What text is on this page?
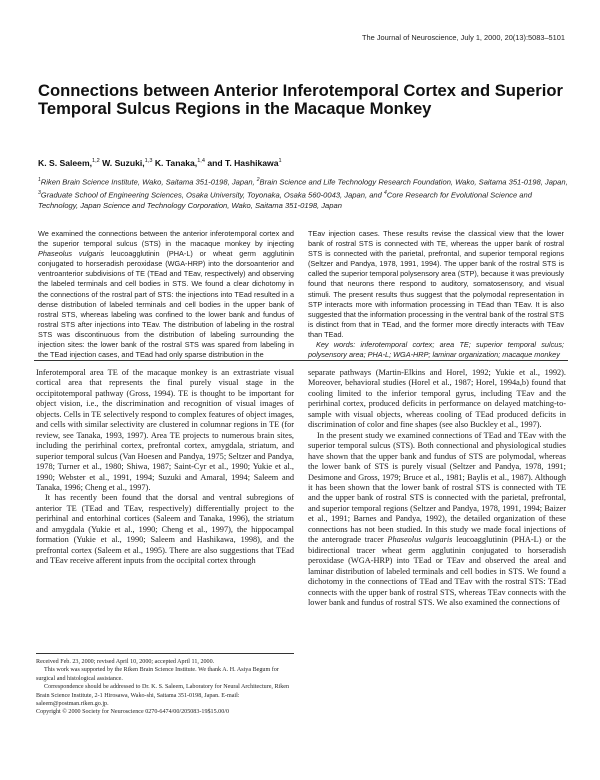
The Journal of Neuroscience, July 1, 2000, 20(13):5083–5101
Connections between Anterior Inferotemporal Cortex and Superior Temporal Sulcus Regions in the Macaque Monkey
K. S. Saleem,$^{1,2}$ W. Suzuki,$^{1,3}$ K. Tanaka,$^{1,4}$ and T. Hashikawa$^1$
$^1$Riken Brain Science Institute, Wako, Saitama 351-0198, Japan, $^2$Brain Science and Life Technology Research Foundation, Wako, Saitama 351-0198, Japan, $^3$Graduate School of Engineering Sciences, Osaka University, Toyonaka, Osaka 560-0043, Japan, and $^4$Core Research for Evolutional Science and Technology, Japan Science and Technology Corporation, Wako, Saitama 351-0198, Japan
We examined the connections between the anterior inferotemporal cortex and the superior temporal sulcus (STS) in the macaque monkey by injecting Phaseolus vulgaris leucoagglutinin (PHA-L) or wheat germ agglutinin conjugated to horseradish peroxidase (WGA-HRP) into the dorsoanterior and ventroanterior subdivisions of TE (TEad and TEav, respectively) and observing the labeled terminals and cell bodies in STS. We found a clear dichotomy in the connections of the rostral part of STS: the injections into TEad resulted in a dense distribution of labeled terminals and cell bodies in the upper bank of rostral STS, whereas labeling was confined to the lower bank and fundus of rostral STS after injections into TEav. The distribution of labeling in the rostral STS was discontinuous from the distribution of labeling surrounding the injection sites: the lower bank of the rostral STS was spared from labeling in the TEad injection cases, and TEad had only sparse distribution in the
TEav injection cases. These results revise the classical view that the lower bank of rostral STS is connected with TE, whereas the upper bank of rostral STS is connected with the parietal, prefrontal, and superior temporal regions (Seltzer and Pandya, 1978, 1991, 1994). The upper bank of the rostral STS is called the superior temporal polysensory area (STP), because it was previously found that neurons there respond to auditory, somatosensory, and visual stimuli. The present results thus suggest that the polymodal representation in STP interacts more with information processing in TEad than TEav. It is also suggested that the information processing in the ventral bank of the rostral STS is distinct from that in TEad, and the former more directly interacts with TEav than TEad.
Key words: inferotemporal cortex; area TE; superior temporal sulcus; polysensory area; PHA-L; WGA-HRP; laminar organization; macaque monkey

Inferotemporal area TE of the macaque monkey is an extrastriate visual cortical area that represents the final purely visual stage in the occipitotemporal pathway (Gross, 1994). TE is thought to be important for object vision, i.e., the discrimination and recognition of visual images of objects. Cells in TE selectively respond to complex features of object images, and cells with similar selectivity are clustered in columnar regions in TE (for review, see Tanaka, 1993, 1997). Area TE projects to numerous brain sites, including the perirhinal cortex, prefrontal cortex, amygdala, striatum, and superior temporal sulcus (Van Hoesen and Pandya, 1975; Seltzer and Pandya, 1978; Turner et al., 1980; Shiwa, 1987; Saint-Cyr et al., 1990; Yukie et al., 1990; Webster et al., 1991, 1994; Suzuki and Amaral, 1994; Saleem and Tanaka, 1996; Cheng et al., 1997).

It has recently been found that the dorsal and ventral subregions of anterior TE (TEad and TEav, respectively) differentially project to the perirhinal and entorhinal cortices (Saleem and Tanaka, 1996), the striatum and amygdala (Yukie et al., 1990; Cheng et al., 1997), the hippocampal formation (Yukie et al., 1990; Saleem and Hashikawa, 1998), and the prefrontal cortex (Saleem et al., 1995). There are also suggestions that TEad and TEav receive afferent inputs from the occipital cortex through

separate pathways (Martin-Elkins and Horel, 1992; Yukie et al., 1992). Moreover, behavioral studies (Horel et al., 1987; Horel, 1994a,b) found that cooling limited to the inferior temporal gyrus, including TEav and the perirhinal cortex, produced deficits in performance on delayed matching-to-sample with visual objects, whereas cooling of TEad produced deficits in discrimination of color and fine shapes (see also Buckley et al., 1997).

In the present study we examined connections of TEad and TEav with the superior temporal sulcus (STS). Both connectional and physiological studies have shown that the upper bank and fundus of STS are polymodal, whereas the lower bank of STS is purely visual (Seltzer and Pandya, 1978, 1991; Desimone and Gross, 1979; Bruce et al., 1981; Baylis et al., 1987). Although it has been shown that the lower bank of rostral STS is connected with TE and the upper bank of rostral STS is connected with the parietal, prefrontal, and superior temporal regions (Seltzer and Pandya, 1978, 1991, 1994; Baizer et al., 1991; Barnes and Pandya, 1992), the detailed organization of these connections has not been studied. In this study we made focal injections of the anterograde tracer Phaseolus vulgaris leucoagglutinin (PHA-L) or the bidirectional tracer wheat germ agglutinin conjugated to horseradish peroxidase (WGA-HRP) into TEad or TEav and observed the areal and laminar distribution of labeled terminals and cell bodies in STS. We found a dichotomy in the connections of TEad and TEav with the rostral STS: TEad connects with the upper bank of rostral STS, whereas TEav connects with the lower bank and fundus of rostral STS. We also examined the connections of

Received Feb. 23, 2000; revised April 10, 2000; accepted April 11, 2000.

This work was supported by the Riken Brain Science Institute. We thank A. H. Asiya Begum for surgical and histological assistance.

Correspondence should be addressed to Dr. K. S. Saleem, Laboratory for Neural Architecture, Riken Brain Science Institute, 2-1 Hirosawa, Wako-shi, Saitama 351-0198, Japan. E-mail: saleem@postman.riken.go.jp.

Copyright © 2000 Society for Neuroscience 0270-6474/00/205083-19$15.00/0
